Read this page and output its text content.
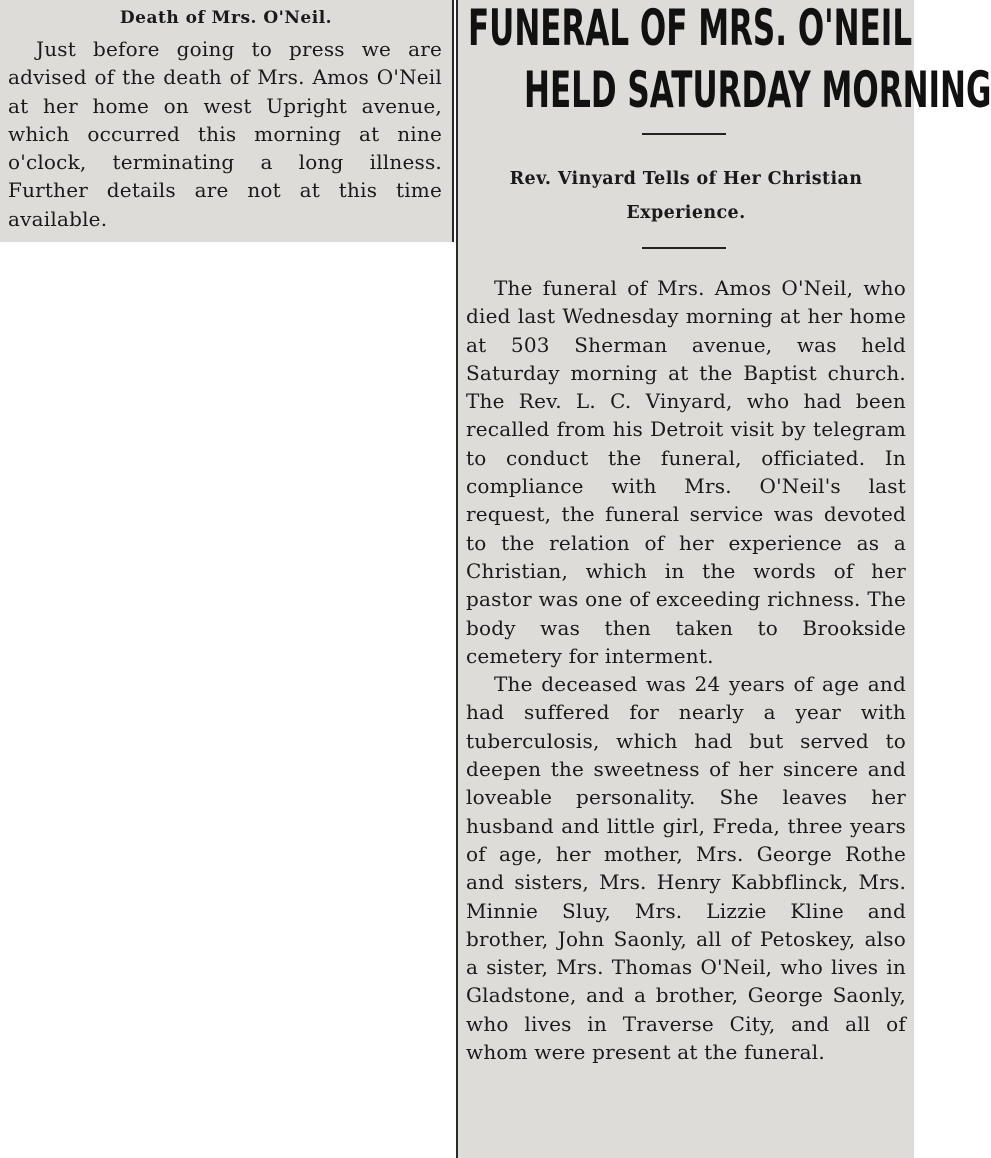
Death of Mrs. O'Neil.

Just before going to press we are advised of the death of Mrs. Amos O'Neil at her home on west Upright avenue, which occurred this morning at nine o'clock, terminating a long illness. Further details are not at this time available.

FUNERAL OF MRS. O'NEIL
HELD SATURDAY MORNING
Rev. Vinyard Tells of Her Christian Experience.

The funeral of Mrs. Amos O'Neil, who died last Wednesday morning at her home at 503 Sherman avenue, was held Saturday morning at the Baptist church. The Rev. L. C. Vinyard, who had been recalled from his Detroit visit by telegram to conduct the funeral, officiated. In compliance with Mrs. O'Neil's last request, the funeral service was devoted to the relation of her experience as a Christian, which in the words of her pastor was one of exceeding richness. The body was then taken to Brookside cemetery for interment.

The deceased was 24 years of age and had suffered for nearly a year with tuberculosis, which had but served to deepen the sweetness of her sincere and loveable personality. She leaves her husband and little girl, Freda, three years of age, her mother, Mrs. George Rothe and sisters, Mrs. Henry Kabbflinck, Mrs. Minnie Sluy, Mrs. Lizzie Kline and brother, John Saonly, all of Petoskey, also a sister, Mrs. Thomas O'Neil, who lives in Gladstone, and a brother, George Saonly, who lives in Traverse City, and all of whom were present at the funeral.
